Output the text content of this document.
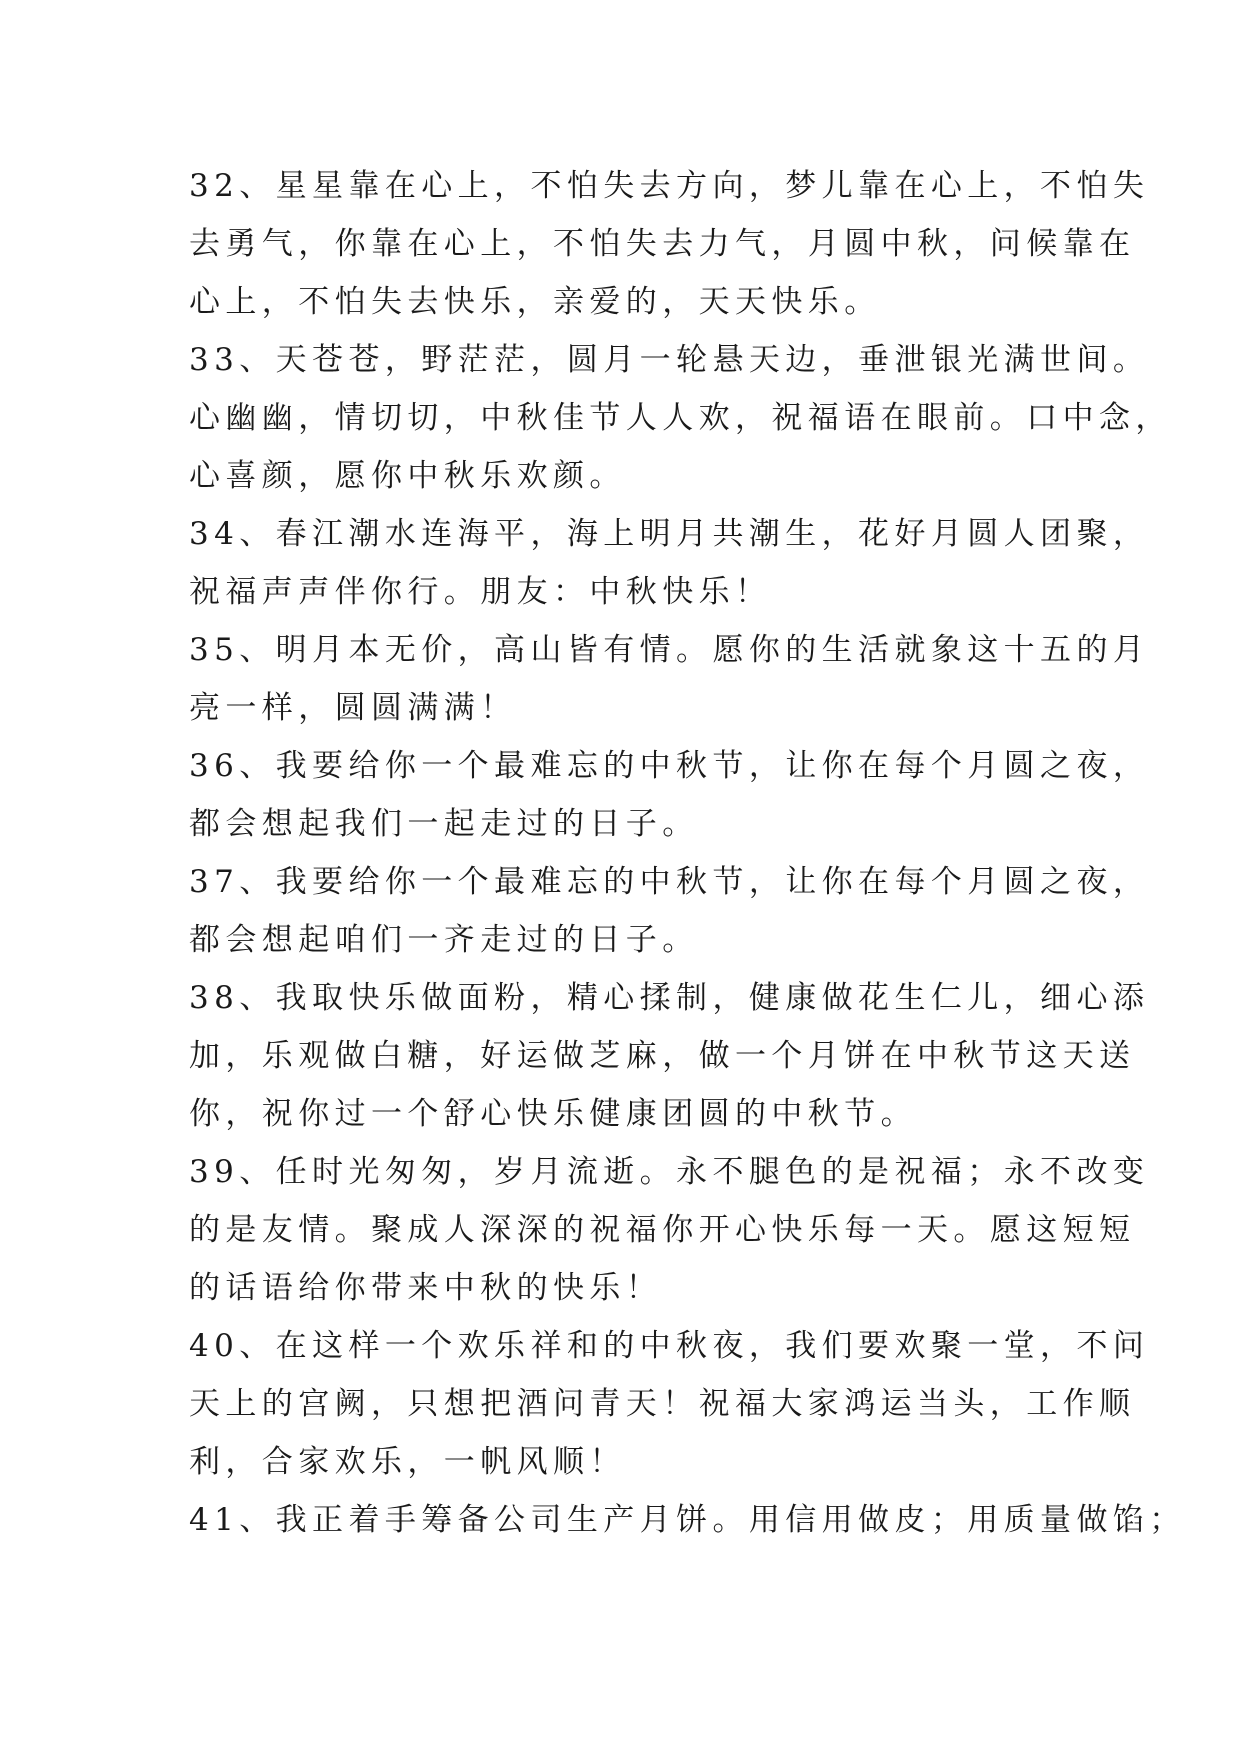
32、星星靠在心上，不怕失去方向，梦儿靠在心上，不怕失
去勇气，你靠在心上，不怕失去力气，月圆中秋，问候靠在
心上，不怕失去快乐，亲爱的，天天快乐。

33、天苍苍，野茫茫，圆月一轮悬天边，垂泄银光满世间。
心幽幽，情切切，中秋佳节人人欢，祝福语在眼前。口中念，
心喜颜，愿你中秋乐欢颜。

34、春江潮水连海平，海上明月共潮生，花好月圆人团聚，
祝福声声伴你行。朋友：中秋快乐！

35、明月本无价，高山皆有情。愿你的生活就象这十五的月
亮一样，圆圆满满！

36、我要给你一个最难忘的中秋节，让你在每个月圆之夜，
都会想起我们一起走过的日子。

37、我要给你一个最难忘的中秋节，让你在每个月圆之夜，
都会想起咱们一齐走过的日子。

38、我取快乐做面粉，精心揉制，健康做花生仁儿，细心添
加，乐观做白糖，好运做芝麻，做一个月饼在中秋节这天送
你，祝你过一个舒心快乐健康团圆的中秋节。

39、任时光匆匆，岁月流逝。永不腿色的是祝福；永不改变
的是友情。聚成人深深的祝福你开心快乐每一天。愿这短短
的话语给你带来中秋的快乐！

40、在这样一个欢乐祥和的中秋夜，我们要欢聚一堂，不问
天上的宫阙，只想把酒问青天！祝福大家鸿运当头，工作顺
利，合家欢乐，一帆风顺！

41、我正着手筹备公司生产月饼。用信用做皮；用质量做馅；
